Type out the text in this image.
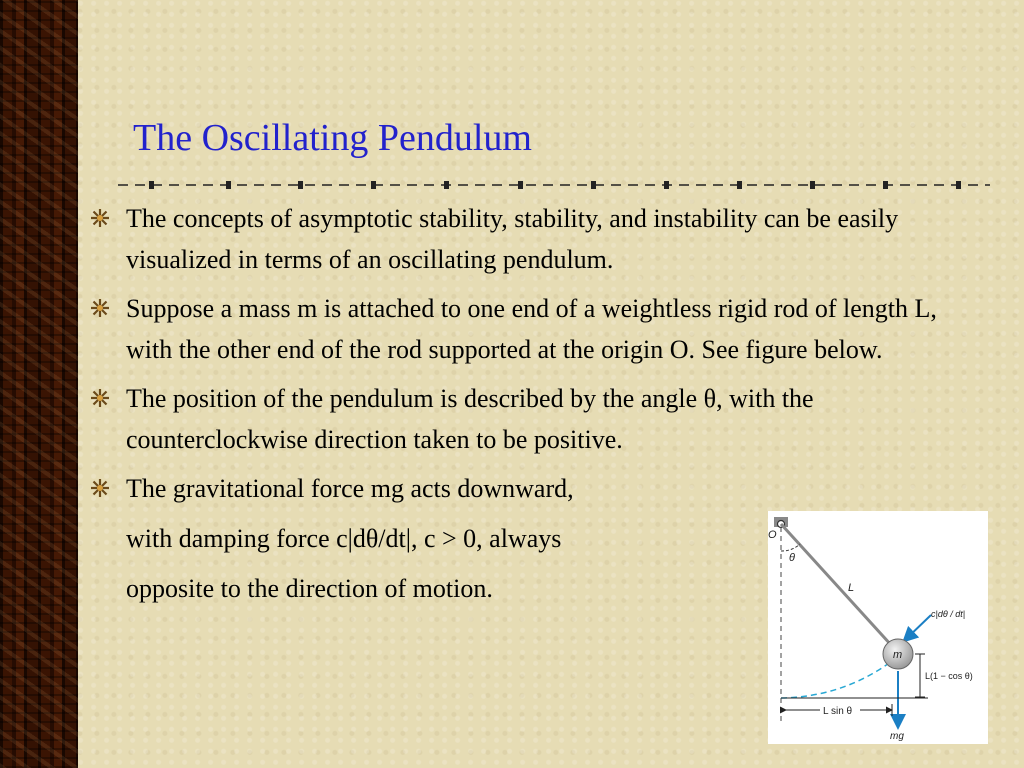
The Oscillating Pendulum
The concepts of asymptotic stability, stability, and instability can be easily visualized in terms of an oscillating pendulum.
Suppose a mass m is attached to one end of a weightless rigid rod of length L, with the other end of the rod supported at the origin O. See figure below.
The position of the pendulum is described by the angle θ, with the counterclockwise direction taken to be positive.
The gravitational force mg acts downward,
with damping force c|dθ/dt|, c > 0, always
opposite to the direction of motion.
O
θ
L
m
c|dθ / dt|
L(1 − cos θ)
L sin θ
mg
